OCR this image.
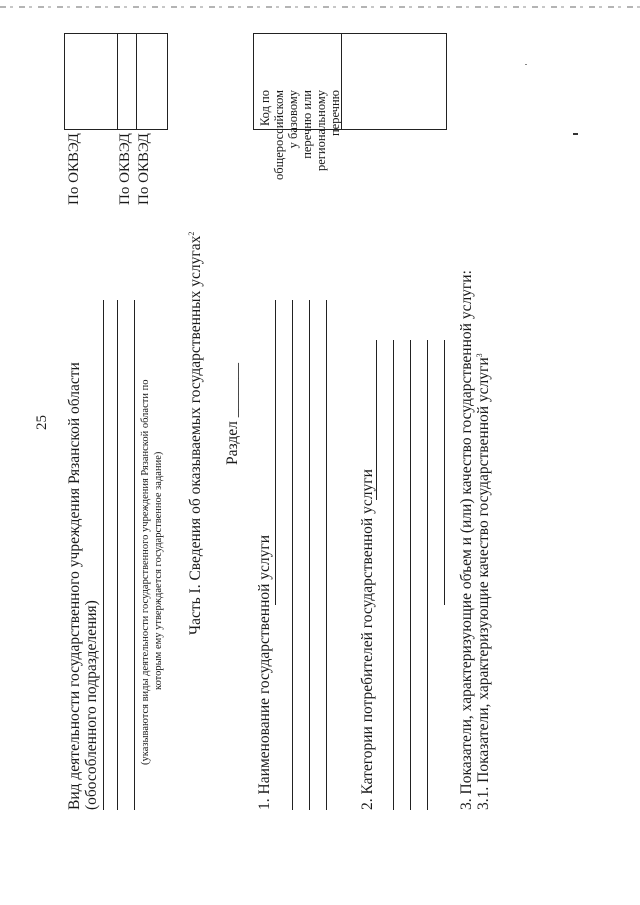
25 Вид деятельности государственного учреждения Рязанской области (обособленного подразделения)	(указываются виды деятельности государственного учреждения Рязанской области по которым ему утверждается государственное задание)
По ОКВЭД По ОКВЭД По ОКВЭД
Часть I. Сведения об оказываемых государственных услугах$^2$
Раздел _______
1. Наименование государственной услуги
Код по
общероссийском
у базовому
перечню или
региональному
перечню
2. Категории потребителей государственной услуги	3. Показатели, характеризующие объем и (или) качество государственной услуги: 3.1. Показатели, характеризующие качество государственной услуги$^3$
